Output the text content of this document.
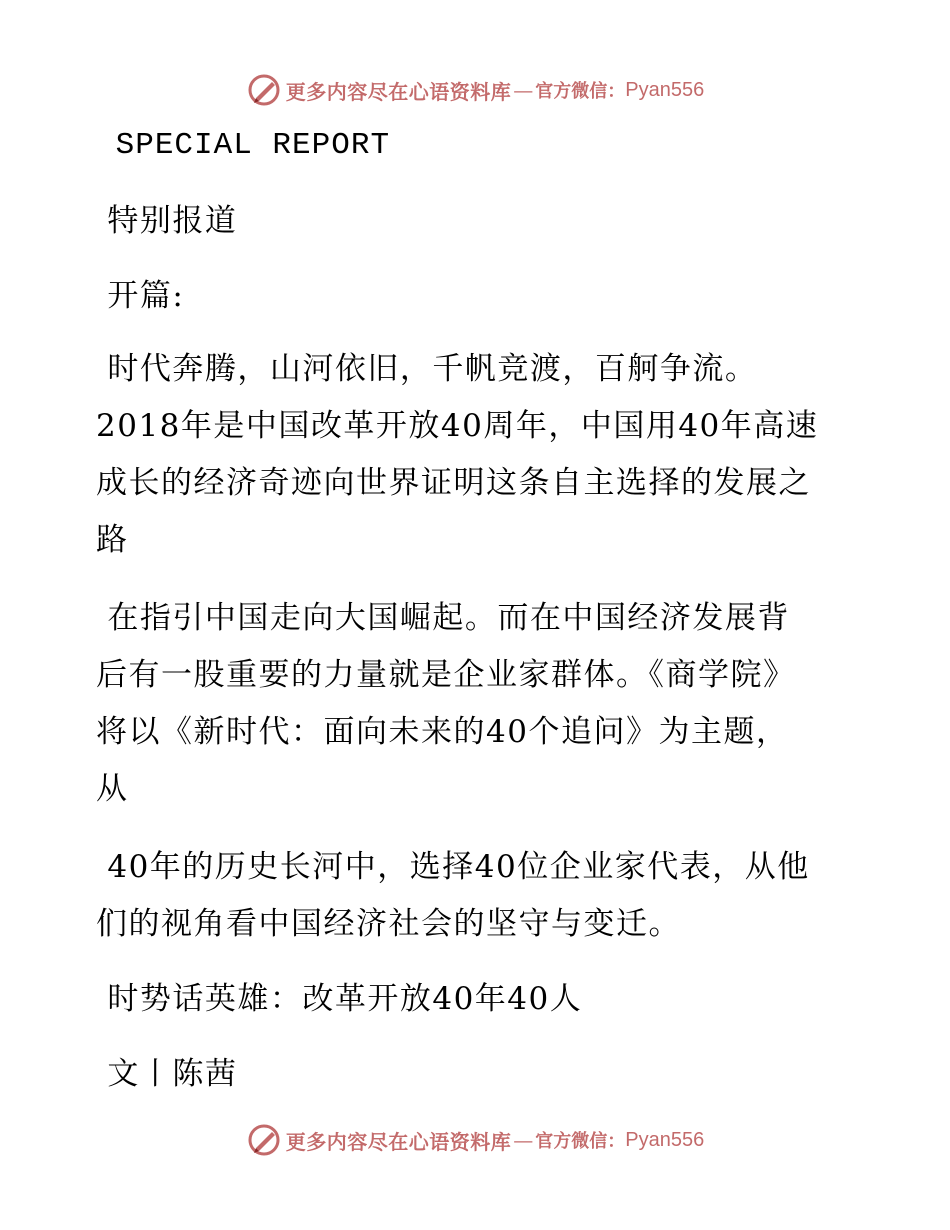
更多内容尽在心语资料库 — 官方微信： Pyan556

SPECIAL REPORT

特别报道

开篇:

时代奔腾，山河依旧，千帆竞渡，百舸争流。
2018年是中国改革开放40周年，中国用40年高速
成长的经济奇迹向世界证明这条自主选择的发展之
路

在指引中国走向大国崛起。而在中国经济发展背
后有一股重要的力量就是企业家群体。《商学院》
将以《新时代：面向未来的40个追问》为主题，
从

40年的历史长河中，选择40位企业家代表，从他
们的视角看中国经济社会的坚守与变迁。

时势话英雄：改革开放40年40人

文丨陈茜

更多内容尽在心语资料库 — 官方微信： Pyan556
